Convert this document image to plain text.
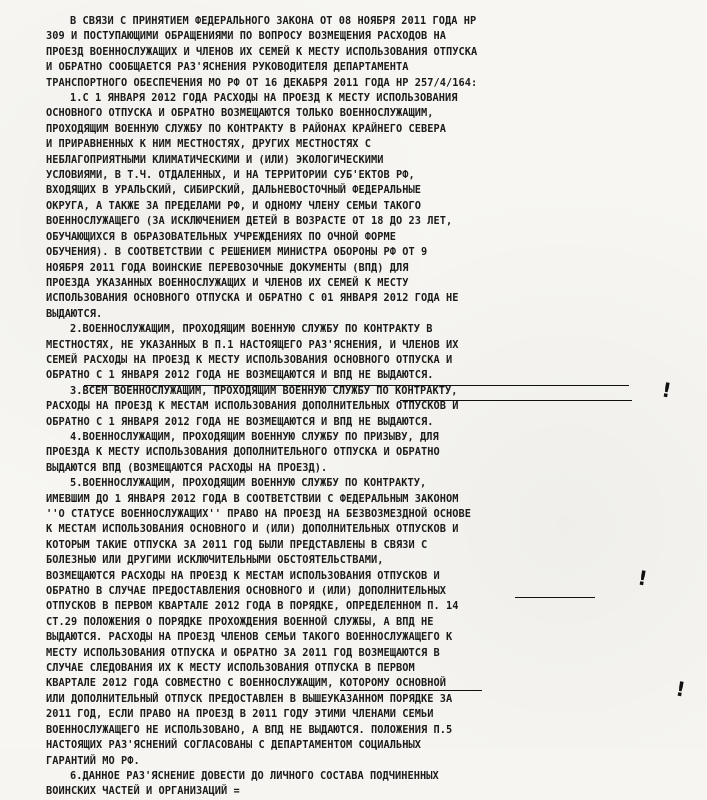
В СВЯЗИ С ПРИНЯТИЕМ ФЕДЕРАЛЬНОГО ЗАКОНА ОТ 08 НОЯБРЯ 2011 ГОДА НР
309 И ПОСТУПАЮЩИМИ ОБРАЩЕНИЯМИ ПО ВОПРОСУ ВОЗМЕЩЕНИЯ РАСХОДОВ НА
ПРОЕЗД ВОЕННОСЛУЖАЩИХ И ЧЛЕНОВ ИХ СЕМЕЙ К МЕСТУ ИСПОЛЬЗОВАНИЯ ОТПУСКА
И ОБРАТНО СООБЩАЕТСЯ РАЗ'ЯСНЕНИЯ РУКОВОДИТЕЛЯ ДЕПАРТАМЕНТА
ТРАНСПОРТНОГО ОБЕСПЕЧЕНИЯ МО РФ ОТ 16 ДЕКАБРЯ 2011 ГОДА НР 257/4/164:
1.С 1 ЯНВАРЯ 2012 ГОДА РАСХОДЫ НА ПРОЕЗД К МЕСТУ ИСПОЛЬЗОВАНИЯ
ОСНОВНОГО ОТПУСКА И ОБРАТНО ВОЗМЕЩАЮТСЯ ТОЛЬКО ВОЕННОСЛУЖАЩИМ,
ПРОХОДЯЩИМ ВОЕННУЮ СЛУЖБУ ПО КОНТРАКТУ В РАЙОНАХ КРАЙНЕГО СЕВЕРА
И ПРИРАВНЕННЫХ К НИМ МЕСТНОСТЯХ, ДРУГИХ МЕСТНОСТЯХ С
НЕБЛАГОПРИЯТНЫМИ КЛИМАТИЧЕСКИМИ И (ИЛИ) ЭКОЛОГИЧЕСКИМИ
УСЛОВИЯМИ, В Т.Ч. ОТДАЛЕННЫХ, И НА ТЕРРИТОРИИ СУБ'ЕКТОВ РФ,
ВХОДЯЩИХ В УРАЛЬСКИЙ, СИБИРСКИЙ, ДАЛЬНЕВОСТОЧНЫЙ ФЕДЕРАЛЬНЫЕ
ОКРУГА, А ТАКЖЕ ЗА ПРЕДЕЛАМИ РФ, И ОДНОМУ ЧЛЕНУ СЕМЬИ ТАКОГО
ВОЕННОСЛУЖАЩЕГО (ЗА ИСКЛЮЧЕНИЕМ ДЕТЕЙ В ВОЗРАСТЕ ОТ 18 ДО 23 ЛЕТ,
ОБУЧАЮЩИХСЯ В ОБРАЗОВАТЕЛЬНЫХ УЧРЕЖДЕНИЯХ ПО ОЧНОЙ ФОРМЕ
ОБУЧЕНИЯ). В СООТВЕТСТВИИ С РЕШЕНИЕМ МИНИСТРА ОБОРОНЫ РФ ОТ 9
НОЯБРЯ 2011 ГОДА ВОИНСКИЕ ПЕРЕВОЗОЧНЫЕ ДОКУМЕНТЫ (ВПД) ДЛЯ
ПРОЕЗДА УКАЗАННЫХ ВОЕННОСЛУЖАЩИХ И ЧЛЕНОВ ИХ СЕМЕЙ К МЕСТУ
ИСПОЛЬЗОВАНИЯ ОСНОВНОГО ОТПУСКА И ОБРАТНО С 01 ЯНВАРЯ 2012 ГОДА НЕ
ВЫДАЮТСЯ.
2.ВОЕННОСЛУЖАЩИМ, ПРОХОДЯЩИМ ВОЕННУЮ СЛУЖБУ ПО КОНТРАКТУ В
МЕСТНОСТЯХ, НЕ УКАЗАННЫХ В П.1 НАСТОЯЩЕГО РАЗ'ЯСНЕНИЯ, И ЧЛЕНОВ ИХ
СЕМЕЙ РАСХОДЫ НА ПРОЕЗД К МЕСТУ ИСПОЛЬЗОВАНИЯ ОСНОВНОГО ОТПУСКА И
ОБРАТНО С 1 ЯНВАРЯ 2012 ГОДА НЕ ВОЗМЕЩАЮТСЯ И ВПД НЕ ВЫДАЮТСЯ.
3.ВСЕМ ВОЕННОСЛУЖАЩИМ, ПРОХОДЯЩИМ ВОЕННУЮ СЛУЖБУ ПО КОНТРАКТУ,
РАСХОДЫ НА ПРОЕЗД К МЕСТАМ ИСПОЛЬЗОВАНИЯ ДОПОЛНИТЕЛЬНЫХ ОТПУСКОВ И
ОБРАТНО С 1 ЯНВАРЯ 2012 ГОДА НЕ ВОЗМЕЩАЮТСЯ И ВПД НЕ ВЫДАЮТСЯ.
4.ВОЕННОСЛУЖАЩИМ, ПРОХОДЯЩИМ ВОЕННУЮ СЛУЖБУ ПО ПРИЗЫВУ, ДЛЯ
ПРОЕЗДА К МЕСТУ ИСПОЛЬЗОВАНИЯ ДОПОЛНИТЕЛЬНОГО ОТПУСКА И ОБРАТНО
ВЫДАЮТСЯ ВПД (ВОЗМЕЩАЮТСЯ РАСХОДЫ НА ПРОЕЗД).
5.ВОЕННОСЛУЖАЩИМ, ПРОХОДЯЩИМ ВОЕННУЮ СЛУЖБУ ПО КОНТРАКТУ,
ИМЕВШИМ ДО 1 ЯНВАРЯ 2012 ГОДА В СООТВЕТСТВИИ С ФЕДЕРАЛЬНЫМ ЗАКОНОМ
''О СТАТУСЕ ВОЕННОСЛУЖАЩИХ'' ПРАВО НА ПРОЕЗД НА БЕЗВОЗМЕЗДНОЙ ОСНОВЕ
К МЕСТАМ ИСПОЛЬЗОВАНИЯ ОСНОВНОГО И (ИЛИ) ДОПОЛНИТЕЛЬНЫХ ОТПУСКОВ И
КОТОРЫМ ТАКИЕ ОТПУСКА ЗА 2011 ГОД БЫЛИ ПРЕДСТАВЛЕНЫ В СВЯЗИ С
БОЛЕЗНЬЮ ИЛИ ДРУГИМИ ИСКЛЮЧИТЕЛЬНЫМИ ОБСТОЯТЕЛЬСТВАМИ,
ВОЗМЕЩАЮТСЯ РАСХОДЫ НА ПРОЕЗД К МЕСТАМ ИСПОЛЬЗОВАНИЯ ОТПУСКОВ И
ОБРАТНО В СЛУЧАЕ ПРЕДОСТАВЛЕНИЯ ОСНОВНОГО И (ИЛИ) ДОПОЛНИТЕЛЬНЫХ
ОТПУСКОВ В ПЕРВОМ КВАРТАЛЕ 2012 ГОДА В ПОРЯДКЕ, ОПРЕДЕЛЕННОМ П. 14
СТ.29 ПОЛОЖЕНИЯ О ПОРЯДКЕ ПРОХОЖДЕНИЯ ВОЕННОЙ СЛУЖБЫ, А ВПД НЕ
ВЫДАЮТСЯ. РАСХОДЫ НА ПРОЕЗД ЧЛЕНОВ СЕМЬИ ТАКОГО ВОЕННОСЛУЖАЩЕГО К
МЕСТУ ИСПОЛЬЗОВАНИЯ ОТПУСКА И ОБРАТНО ЗА 2011 ГОД ВОЗМЕЩАЮТСЯ В
СЛУЧАЕ СЛЕДОВАНИЯ ИХ К МЕСТУ ИСПОЛЬЗОВАНИЯ ОТПУСКА В ПЕРВОМ
КВАРТАЛЕ 2012 ГОДА СОВМЕСТНО С ВОЕННОСЛУЖАЩИМ, КОТОРОМУ ОСНОВНОЙ
ИЛИ ДОПОЛНИТЕЛЬНЫЙ ОТПУСК ПРЕДОСТАВЛЕН В ВЫШЕУКАЗАННОМ ПОРЯДКЕ ЗА
2011 ГОД, ЕСЛИ ПРАВО НА ПРОЕЗД В 2011 ГОДУ ЭТИМИ ЧЛЕНАМИ СЕМЬИ
ВОЕННОСЛУЖАЩЕГО НЕ ИСПОЛЬЗОВАНО, А ВПД НЕ ВЫДАЮТСЯ. ПОЛОЖЕНИЯ П.5
НАСТОЯЩИХ РАЗ'ЯСНЕНИЙ СОГЛАСОВАНЫ С ДЕПАРТАМЕНТОМ СОЦИАЛЬНЫХ
ГАРАНТИЙ МО РФ.
6.ДАННОЕ РАЗ'ЯСНЕНИЕ ДОВЕСТИ ДО ЛИЧНОГО СОСТАВА ПОДЧИНЕННЫХ
ВОИНСКИХ ЧАСТЕЙ И ОРГАНИЗАЦИЙ =
!
!
!
